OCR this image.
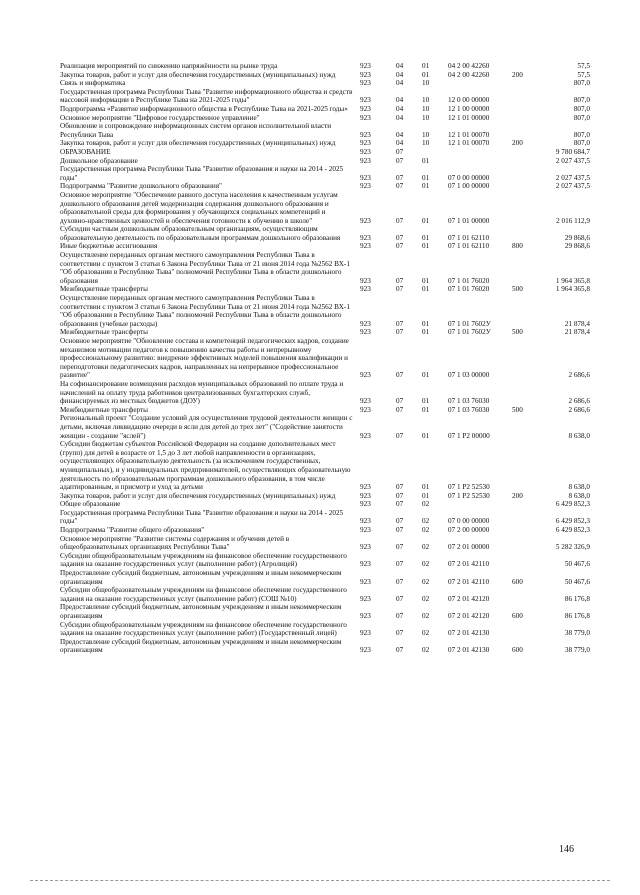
Реализация мероприятий по снижению напряжённости на рынке труда	923	04	01	04 2 00 42260	57,5
Закупка товаров, работ и услуг для обеспечения государственных (муниципальных) нужд	923	04	01	04 2 00 42260	200	57,5
Связь и информатика	923	04	10	807,0
Государственная программа Республики Тыва "Развитие информационного общества и средств массовой информации в Республике Тыва на 2021-2025 годы"	923	04	10	12 0 00 00000	807,0
Подпрограмма «Развитие информационного общества в Республике Тыва на 2021-2025 годы»	923	04	10	12 1 00 00000	807,0
Основное мероприятие "Цифровое государственное управление"	923	04	10	12 1 01 00000	807,0
Обновление и сопровождение информационных систем органов исполнительной власти Республики Тыва	923	04	10	12 1 01 00070	807,0
Закупка товаров, работ и услуг для обеспечения государственных (муниципальных) нужд	923	04	10	12 1 01 00070	200	807,0
ОБРАЗОВАНИЕ	923	07	9 780 684,7
Дошкольное образование	923	07	01	2 027 437,5
Государственная программа Республики Тыва "Развитие образования и науки на 2014 - 2025 годы"	923	07	01	07 0 00 00000	2 027 437,5
Подпрограмма "Развитие дошкольного образования"	923	07	01	07 1 00 00000	2 027 437,5
Основное мероприятие "Обеспечение равного доступа населения к качественным услугам дошкольного образования детей модернизация содержания дошкольного образования и образовательной среды для формирования у обучающихся социальных компетенций и духовно-нравственных ценностей и обеспечения готовности к обучению в школе"	923	07	01	07 1 01 00000	2 016 112,9
Субсидии частным дошкольным образовательным организациям, осуществляющим образовательную деятельность по образовательным программам дошкольного образования	923	07	01	07 1 01 62110	29 868,6
Иные бюджетные ассигнования	923	07	01	07 1 01 62110	800	29 868,6
Осуществление переданных органам местного самоуправления Республики Тыва в соответствии с пунктом 3 статьи 6 Закона Республики Тыва от 21 июня 2014 года №2562 ВХ-1 "Об образовании в Республике Тыва" полномочий Республики Тыва в области дошкольного образования	923	07	01	07 1 01 76020	1 964 365,8
Межбюджетные трансферты	923	07	01	07 1 01 76020	500	1 964 365,8
Осуществление переданных органам местного самоуправления Республики Тыва в соответствии с пунктом 3 статьи 6 Закона Республики Тыва от 21 июня 2014 года №2562 ВХ-1 "Об образовании в Республике Тыва" полномочий Республики Тыва в области дошкольного образования (учебные расходы)	923	07	01	07 1 01 7602У	21 878,4
Межбюджетные трансферты	923	07	01	07 1 01 7602У	500	21 878,4
Основное мероприятие "Обновление состава и компетенций педагогических кадров, создание механизмов мотивации педагогов к повышению качества работы и непрерывному профессиональному развитию: внедрение эффективных моделей повышения квалификации и переподготовки педагогических кадров, направленных на непрерывное профессиональное развитие"	923	07	01	07 1 03 00000	2 686,6
На софинансирование возмещения расходов муниципальных образований по оплате труда и начислений на оплату труда работников централизованных бухгалтерских служб, финансируемых из местных бюджетов (ДОУ)	923	07	01	07 1 03 76030	2 686,6
Межбюджетные трансферты	923	07	01	07 1 03 76030	500	2 686,6
Региональный проект "Создание условий для осуществления трудовой деятельности женщин с детьми, включая ликвидацию очереди в ясли для детей до трех лет" ("Содействие занятости женщин - создание "яслей")	923	07	01	07 1 P2 00000	8 638,0
Субсидии бюджетам субъектов Российской Федерации на создание дополнительных мест (групп) для детей в возрасте от 1,5 до 3 лет любой направленности в организациях, осуществляющих образовательную деятельность (за исключением государственных, муниципальных), и у индивидуальных предпринимателей, осуществляющих образовательную деятельность по образовательным программам дошкольного образования, в том числе адаптированным, и присмотр и уход за детьми	923	07	01	07 1 P2 52530	8 638,0
Закупка товаров, работ и услуг для обеспечения государственных (муниципальных) нужд	923	07	01	07 1 P2 52530	200	8 638,0
Общее образование	923	07	02	6 429 852,3
Государственная программа Республики Тыва "Развитие образования и науки на 2014 - 2025 годы"	923	07	02	07 0 00 00000	6 429 852,3
Подпрограмма "Развитие общего образования"	923	07	02	07 2 00 00000	6 429 852,3
Основное мероприятие "Развитие системы содержания и обучения детей в общеобразовательных организациях Республики Тыва"	923	07	02	07 2 01 00000	5 282 326,9
Субсидии общеобразовательным учреждениям на финансовое обеспечение государственного задания на оказание государственных услуг (выполнение работ) (Агролицей)	923	07	02	07 2 01 42110	50 467,6
Предоставление субсидий бюджетным, автономным учреждениям и иным некоммерческим организациям	923	07	02	07 2 01 42110	600	50 467,6
Субсидии общеобразовательным учреждениям на финансовое обеспечение государственного задания на оказание государственных услуг (выполнение работ) (СОШ №10)	923	07	02	07 2 01 42120	86 176,8
Предоставление субсидий бюджетным, автономным учреждениям и иным некоммерческим организациям	923	07	02	07 2 01 42120	600	86 176,8
Субсидии общеобразовательным учреждениям на финансовое обеспечение государственного задания на оказание государственных услуг (выполнение работ) (Государственный лицей)	923	07	02	07 2 01 42130	38 779,0
Предоставление субсидий бюджетным, автономным учреждениям и иным некоммерческим организациям	923	07	02	07 2 01 42130	600	38 779,0
146
